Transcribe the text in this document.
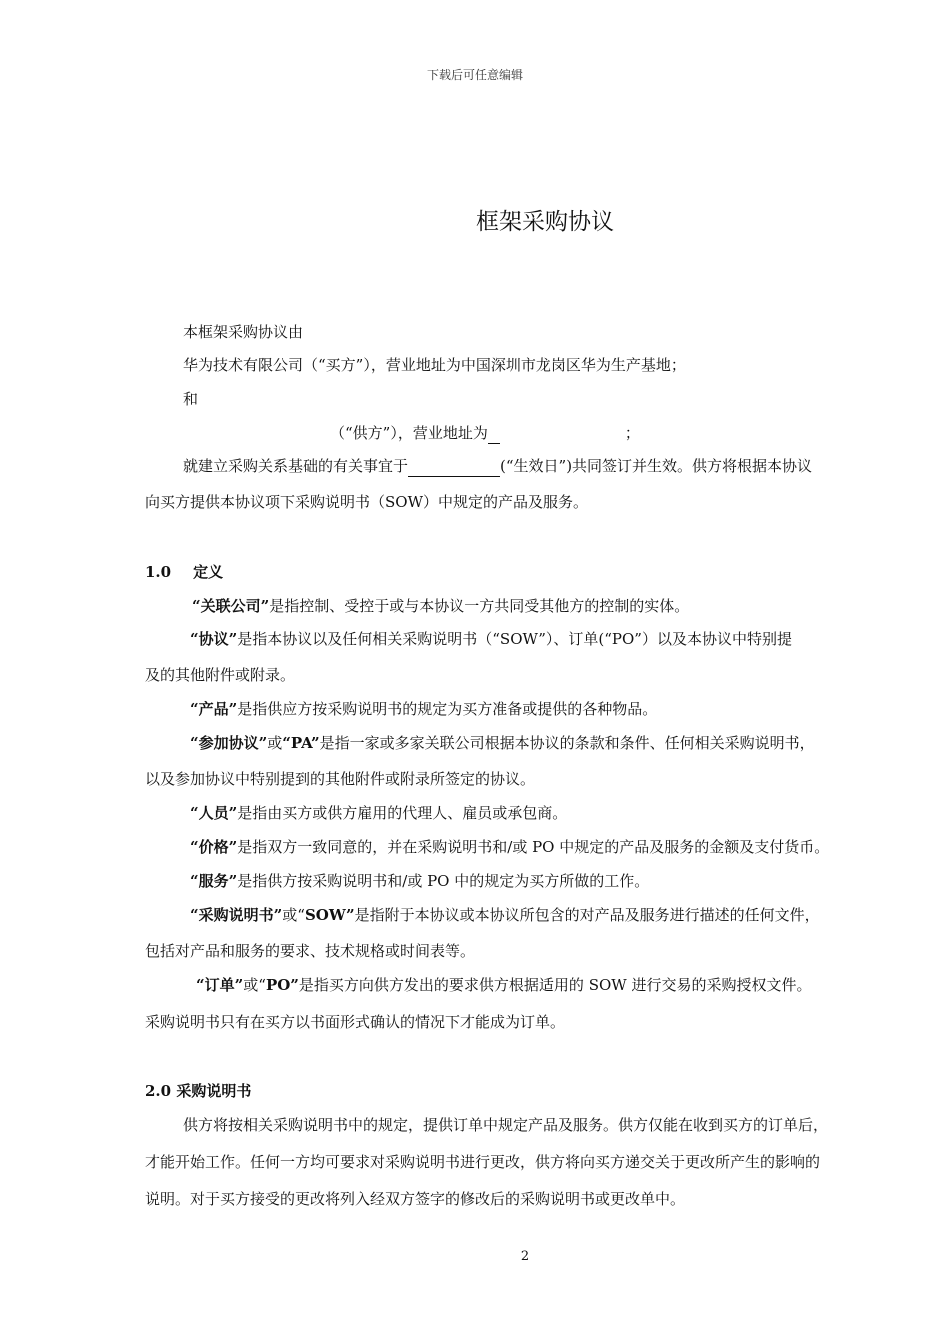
下载后可任意编辑
框架采购协议
本框架采购协议由
华为技术有限公司（“买方”），营业地址为中国深圳市龙岗区华为生产基地；
和
（“供方”），营业地址为	；
就建立采购关系基础的有关事宜于	(“生效日”)共同签订并生效。供方将根据本协议
向买方提供本协议项下采购说明书（SOW）中规定的产品及服务。
1.0 定义
“关联公司”是指控制、受控于或与本协议一方共同受其他方的控制的实体。
“协议”是指本协议以及任何相关采购说明书（“SOW”）、订单(“PO”）以及本协议中特别提
及的其他附件或附录。
“产品”是指供应方按采购说明书的规定为买方准备或提供的各种物品。
“参加协议”或“PA”是指一家或多家关联公司根据本协议的条款和条件、任何相关采购说明书，
以及参加协议中特别提到的其他附件或附录所签定的协议。
“人员”是指由买方或供方雇用的代理人、雇员或承包商。
“价格”是指双方一致同意的，并在采购说明书和/或 PO 中规定的产品及服务的金额及支付货币。
“服务”是指供方按采购说明书和/或 PO 中的规定为买方所做的工作。
“采购说明书”或“SOW”是指附于本协议或本协议所包含的对产品及服务进行描述的任何文件，
包括对产品和服务的要求、技术规格或时间表等。
“订单”或“PO”是指买方向供方发出的要求供方根据适用的 SOW 进行交易的采购授权文件。
采购说明书只有在买方以书面形式确认的情况下才能成为订单。
2.0 采购说明书
供方将按相关采购说明书中的规定，提供订单中规定产品及服务。供方仅能在收到买方的订单后，
才能开始工作。任何一方均可要求对采购说明书进行更改，供方将向买方递交关于更改所产生的影响的
说明。对于买方接受的更改将列入经双方签字的修改后的采购说明书或更改单中。
2
